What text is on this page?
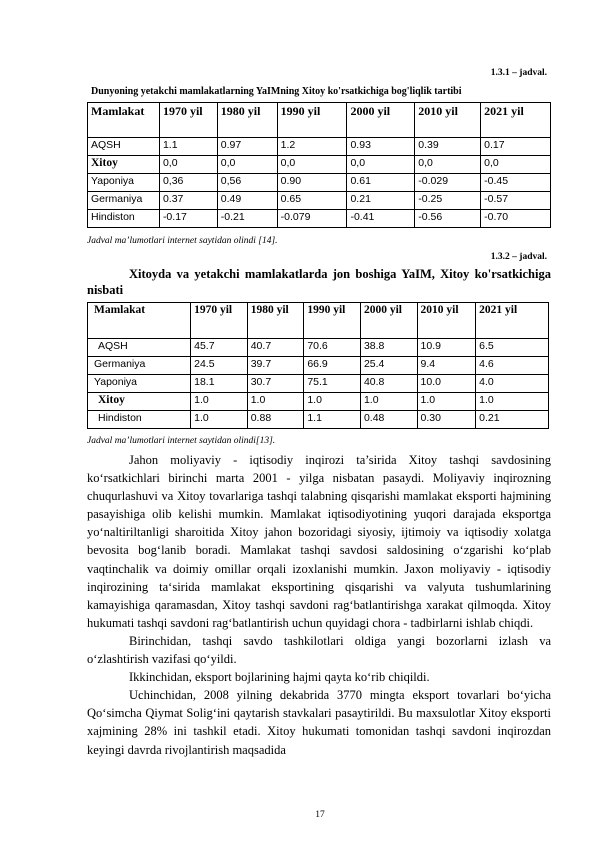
1.3.1 – jadval.
Dunyoning yetakchi mamlakatlarning YaIMning Xitoy ko'rsatkichiga bog'liqlik tartibi
Mamlakat	1970 yil	1980 yil	1990 yil	2000 yil	2010 yil	2021 yil
AQSH	1.1	0.97	1.2	0.93	0.39	0.17
Xitoy	0,0	0,0	0,0	0,0	0,0	0,0
Yaponiya	0,36	0,56	0.90	0.61	-0.029	-0.45
Germaniya	0.37	0.49	0.65	0.21	-0.25	-0.57
Hindiston	-0.17	-0.21	-0.079	-0.41	-0.56	-0.70
Jadval ma’lumotlari internet saytidan olindi [14].
1.3.2 – jadval.
Xitoyda va yetakchi mamlakatlarda jon boshiga YaIM, Xitoy ko'rsatkichiga nisbati
Mamlakat	1970 yil	1980 yil	1990 yil	2000 yil	2010 yil	2021 yil
AQSH	45.7	40.7	70.6	38.8	10.9	6.5
Germaniya	24.5	39.7	66.9	25.4	9.4	4.6
Yaponiya	18.1	30.7	75.1	40.8	10.0	4.0
Xitoy	1.0	1.0	1.0	1.0	1.0	1.0
Hindiston	1.0	0.88	1.1	0.48	0.30	0.21
Jadval ma’lumotlari internet saytidan olindi[13].

Jahon moliyaviy - iqtisodiy inqirozi ta’sirida Xitoy tashqi savdosining ko‘rsatkichlari birinchi marta 2001 - yilga nisbatan pasaydi. Moliyaviy inqirozning chuqurlashuvi va Xitoy tovarlariga tashqi talabning qisqarishi mamlakat eksporti hajmining pasayishiga olib kelishi mumkin. Mamlakat iqtisodiyotining yuqori darajada eksportga yo‘naltiriltanligi sharoitida Xitoy jahon bozoridagi siyosiy, ijtimoiy va iqtisodiy xolatga bevosita bog‘lanib boradi. Mamlakat tashqi savdosi saldosining o‘zgarishi ko‘plab vaqtinchalik va doimiy omillar orqali izoxlanishi mumkin. Jaxon moliyaviy - iqtisodiy inqirozining ta‘sirida mamlakat eksportining qisqarishi va valyuta tushumlarining kamayishiga qaramasdan, Xitoy tashqi savdoni rag‘batlantirishga xarakat qilmoqda. Xitoy hukumati tashqi savdoni rag‘batlantirish uchun quyidagi chora - tadbirlarni ishlab chiqdi.

Birinchidan, tashqi savdo tashkilotlari oldiga yangi bozorlarni izlash va o‘zlashtirish vazifasi qo‘yildi.

Ikkinchidan, eksport bojlarining hajmi qayta ko‘rib chiqildi.

Uchinchidan, 2008 yilning dekabrida 3770 mingta eksport tovarlari bo‘yicha Qo‘simcha Qiymat Solig‘ini qaytarish stavkalari pasaytirildi. Bu maxsulotlar Xitoy eksporti xajmining 28% ini tashkil etadi. Xitoy hukumati tomonidan tashqi savdoni inqirozdan keyingi davrda rivojlantirish maqsadida

17
